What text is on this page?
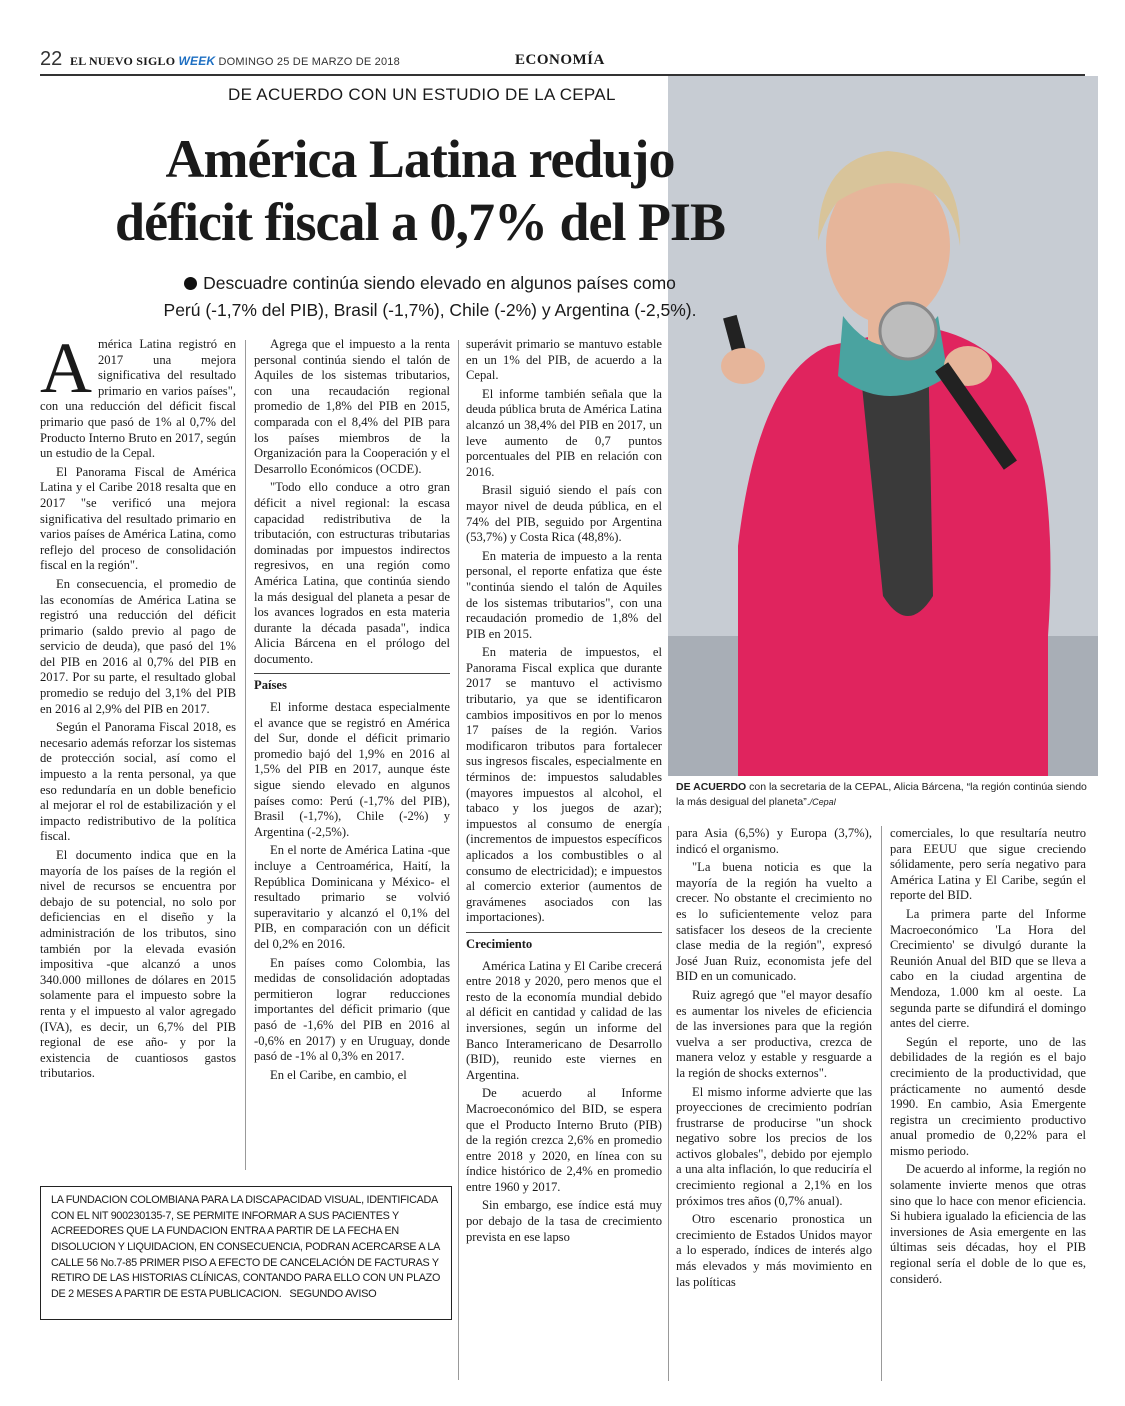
22 EL NUEVO SIGLO WEEK DOMINGO 25 DE MARZO DE 2018	ECONOMÍA
DE ACUERDO con la secretaria de la CEPAL, Alicia Bárcena, “la región continúa siendo la más desigual del planeta”./Cepal
DE ACUERDO CON UN ESTUDIO DE LA CEPAL
América Latina redujo
déficit fiscal a 0,7% del PIB
Descuadre continúa siendo elevado en algunos países como
Perú (-1,7% del PIB), Brasil (-1,7%), Chile (-2%) y Argentina (-2,5%).

América Latina registró en 2017 una mejora significativa del resultado primario en varios países", con una reducción del déficit fiscal primario que pasó de 1% al 0,7% del Producto Interno Bruto en 2017, según un estudio de la Cepal.

El Panorama Fiscal de América Latina y el Caribe 2018 resalta que en 2017 "se verificó una mejora significativa del resultado primario en varios países de América Latina, como reflejo del proceso de consolidación fiscal en la región".

En consecuencia, el promedio de las economías de América Latina se registró una reducción del déficit primario (saldo previo al pago de servicio de deuda), que pasó del 1% del PIB en 2016 al 0,7% del PIB en 2017. Por su parte, el resultado global promedio se redujo del 3,1% del PIB en 2016 al 2,9% del PIB en 2017.

Según el Panorama Fiscal 2018, es necesario además reforzar los sistemas de protección social, así como el impuesto a la renta personal, ya que eso redundaría en un doble beneficio al mejorar el rol de estabilización y el impacto redistributivo de la política fiscal.

El documento indica que en la mayoría de los países de la región el nivel de recursos se encuentra por debajo de su potencial, no solo por deficiencias en el diseño y la administración de los tributos, sino también por la elevada evasión impositiva -que alcanzó a unos 340.000 millones de dólares en 2015 solamente para el impuesto sobre la renta y el impuesto al valor agregado (IVA), es decir, un 6,7% del PIB regional de ese año- y por la existencia de cuantiosos gastos tributarios.

Agrega que el impuesto a la renta personal continúa siendo el talón de Aquiles de los sistemas tributarios, con una recaudación regional promedio de 1,8% del PIB en 2015, comparada con el 8,4% del PIB para los países miembros de la Organización para la Cooperación y el Desarrollo Económicos (OCDE).

"Todo ello conduce a otro gran déficit a nivel regional: la escasa capacidad redistributiva de la tributación, con estructuras tributarias dominadas por impuestos indirectos regresivos, en una región como América Latina, que continúa siendo la más desigual del planeta a pesar de los avances logrados en esta materia durante la década pasada", indica Alicia Bárcena en el prólogo del documento.

Países

El informe destaca especialmente el avance que se registró en América del Sur, donde el déficit primario promedio bajó del 1,9% en 2016 al 1,5% del PIB en 2017, aunque éste sigue siendo elevado en algunos países como: Perú (-1,7% del PIB), Brasil (-1,7%), Chile (-2%) y Argentina (-2,5%).

En el norte de América Latina -que incluye a Centroamérica, Haití, la República Dominicana y México- el resultado primario se volvió superavitario y alcanzó el 0,1% del PIB, en comparación con un déficit del 0,2% en 2016.

En países como Colombia, las medidas de consolidación adoptadas permitieron lograr reducciones importantes del déficit primario (que pasó de -1,6% del PIB en 2016 al -0,6% en 2017) y en Uruguay, donde pasó de -1% al 0,3% en 2017.

En el Caribe, en cambio, el

superávit primario se mantuvo estable en un 1% del PIB, de acuerdo a la Cepal.

El informe también señala que la deuda pública bruta de América Latina alcanzó un 38,4% del PIB en 2017, un leve aumento de 0,7 puntos porcentuales del PIB en relación con 2016.

Brasil siguió siendo el país con mayor nivel de deuda pública, en el 74% del PIB, seguido por Argentina (53,7%) y Costa Rica (48,8%).

En materia de impuesto a la renta personal, el reporte enfatiza que éste "continúa siendo el talón de Aquiles de los sistemas tributarios", con una recaudación promedio de 1,8% del PIB en 2015.

En materia de impuestos, el Panorama Fiscal explica que durante 2017 se mantuvo el activismo tributario, ya que se identificaron cambios impositivos en por lo menos 17 países de la región. Varios modificaron tributos para fortalecer sus ingresos fiscales, especialmente en términos de: impuestos saludables (mayores impuestos al alcohol, el tabaco y los juegos de azar); impuestos al consumo de energía (incrementos de impuestos específicos aplicados a los combustibles o al consumo de electricidad); e impuestos al comercio exterior (aumentos de gravámenes asociados con las importaciones).

Crecimiento

América Latina y El Caribe crecerá entre 2018 y 2020, pero menos que el resto de la economía mundial debido al déficit en cantidad y calidad de las inversiones, según un informe del Banco Interamericano de Desarrollo (BID), reunido este viernes en Argentina.

De acuerdo al Informe Macroeconómico del BID, se espera que el Producto Interno Bruto (PIB) de la región crezca 2,6% en promedio entre 2018 y 2020, en línea con su índice histórico de 2,4% en promedio entre 1960 y 2017.

Sin embargo, ese índice está muy por debajo de la tasa de crecimiento prevista en ese lapso

para Asia (6,5%) y Europa (3,7%), indicó el organismo.

"La buena noticia es que la mayoría de la región ha vuelto a crecer. No obstante el crecimiento no es lo suficientemente veloz para satisfacer los deseos de la creciente clase media de la región", expresó José Juan Ruiz, economista jefe del BID en un comunicado.

Ruiz agregó que "el mayor desafío es aumentar los niveles de eficiencia de las inversiones para que la región vuelva a ser productiva, crezca de manera veloz y estable y resguarde a la región de shocks externos".

El mismo informe advierte que las proyecciones de crecimiento podrían frustrarse de producirse "un shock negativo sobre los precios de los activos globales", debido por ejemplo a una alta inflación, lo que reduciría el crecimiento regional a 2,1% en los próximos tres años (0,7% anual).

Otro escenario pronostica un crecimiento de Estados Unidos mayor a lo esperado, índices de interés algo más elevados y más movimiento en las políticas

comerciales, lo que resultaría neutro para EEUU que sigue creciendo sólidamente, pero sería negativo para América Latina y El Caribe, según el reporte del BID.

La primera parte del Informe Macroeconómico 'La Hora del Crecimiento' se divulgó durante la Reunión Anual del BID que se lleva a cabo en la ciudad argentina de Mendoza, 1.000 km al oeste. La segunda parte se difundirá el domingo antes del cierre.

Según el reporte, uno de las debilidades de la región es el bajo crecimiento de la productividad, que prácticamente no aumentó desde 1990. En cambio, Asia Emergente registra un crecimiento productivo anual promedio de 0,22% para el mismo periodo.

De acuerdo al informe, la región no solamente invierte menos que otras sino que lo hace con menor eficiencia. Si hubiera igualado la eficiencia de las inversiones de Asia emergente en las últimas seis décadas, hoy el PIB regional sería el doble de lo que es, consideró.

LA FUNDACION COLOMBIANA PARA LA DISCAPACIDAD VISUAL, IDENTIFICADA CON EL NIT 900230135-7, SE PERMITE INFORMAR A SUS PACIENTES Y ACREEDORES QUE LA FUNDACION ENTRA A PARTIR DE LA FECHA EN DISOLUCION Y LIQUIDACION, EN CONSECUENCIA, PODRAN ACERCARSE A LA CALLE 56 No.7-85 PRIMER PISO A EFECTO DE CANCELACIÓN DE FACTURAS Y RETIRO DE LAS HISTORIAS CLÍNICAS, CONTANDO PARA ELLO CON UN PLAZO DE 2 MESES A PARTIR DE ESTA PUBLICACION. SEGUNDO AVISO
